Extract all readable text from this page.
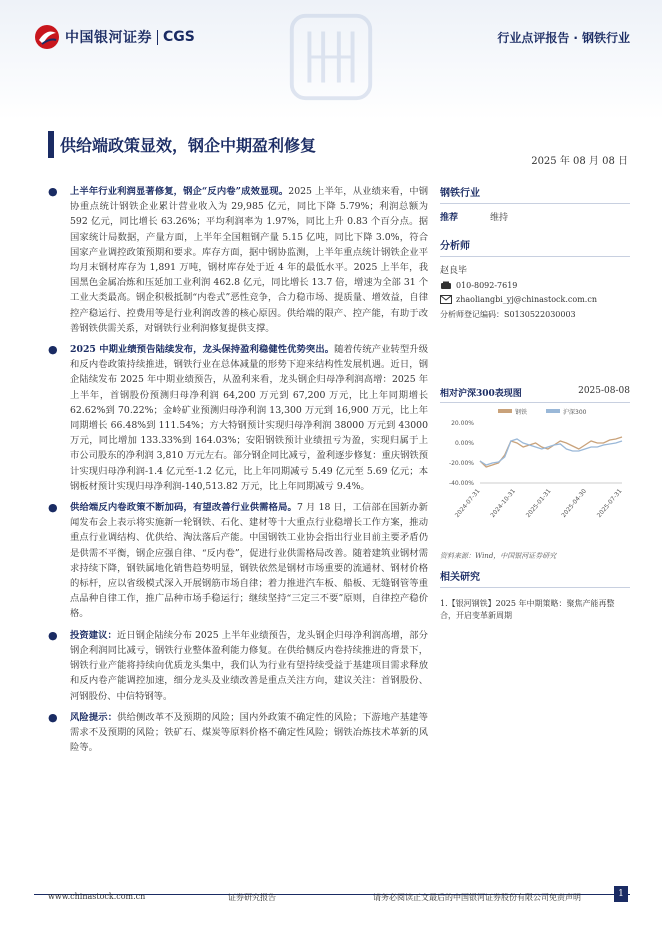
中国银河证券 CGS	行业点评报告 · 钢铁行业
供给端政策显效，钢企中期盈利修复
2025 年 08 月 08 日
● 上半年行业利润显著修复，钢企“反内卷”成效显现。2025 上半年，从业绩来看，中钢协重点统计钢铁企业累计营业收入为 29,985 亿元，同比下降 5.79%；利润总额为 592 亿元，同比增长 63.26%；平均利润率为 1.97%，同比上升 0.83 个百分点。据国家统计局数据，产量方面，上半年全国粗钢产量 5.15 亿吨，同比下降 3.0%，符合国家产业调控政策预期和要求。库存方面，据中钢协监测，上半年重点统计钢铁企业平均月末钢材库存为 1,891 万吨，钢材库存处于近 4 年的最低水平。2025 上半年，我国黑色金属冶炼和压延加工业利润 462.8 亿元，同比增长 13.7 倍，增速为全部 31 个工业大类最高。钢企积极抵制“内卷式”恶性竞争，合力稳市场、提质量、增效益，自律控产稳运行、控费用等是行业利润改善的核心原因。供给端的限产、控产能，有助于改善钢铁供需关系，对钢铁行业利润修复提供支撑。
● 2025 中期业绩预告陆续发布，龙头保持盈利稳健性优势突出。随着传统产业转型升级和反内卷政策持续推进，钢铁行业在总体减量的形势下迎来结构性发展机遇。近日，钢企陆续发布 2025 年中期业绩预告，从盈利来看，龙头钢企归母净利润高增：2025 年上半年，首钢股份预测归母净利润 64,200 万元到 67,200 万元，比上年同期增长 62.62%到 70.22%；金岭矿业预测归母净利润 13,300 万元到 16,900 万元，比上年同期增长 66.48%到 111.54%；方大特钢预计实现归母净利润 38000 万元到 43000 万元，同比增加 133.33%到 164.03%；安阳钢铁预计业绩扭亏为盈，实现归属于上市公司股东的净利润 3,810 万元左右。部分钢企同比减亏，盈利逐步修复：重庆钢铁预计实现归母净利润-1.4 亿元至-1.2 亿元，比上年同期减亏 5.49 亿元至 5.69 亿元；本钢板材预计实现归母净利润-140,513.82 万元，比上年同期减亏 9.4%。
● 供给端反内卷政策不断加码，有望改善行业供需格局。7 月 18 日，工信部在国新办新闻发布会上表示将实施新一轮钢铁、石化、建材等十大重点行业稳增长工作方案，推动重点行业调结构、优供给、淘汰落后产能。中国钢铁工业协会指出行业目前主要矛盾仍是供需不平衡，钢企应强自律、“反内卷”，促进行业供需格局改善。随着建筑业钢材需求持续下降，钢铁属地化销售趋势明显，钢铁依然是钢材市场重要的流通材、钢材价格的标杆，应以省级模式深入开展钢筋市场自律；着力推进汽车板、船板、无缝钢管等重点品种自律工作，推广品种市场手稳运行；继续坚持“三定三不要”原则，自律控产稳价格。
● 投资建议：近日钢企陆续分布 2025 上半年业绩预告，龙头钢企归母净利润高增，部分钢企利润同比减亏，钢铁行业整体盈利能力修复。在供给侧反内卷持续推进的背景下，钢铁行业产能将持续向优质龙头集中，我们认为行业有望持续受益于基建项目需求释放和反内卷产能调控加速，细分龙头及业绩改善是重点关注方向，建议关注：首钢股份、河钢股份、中信特钢等。
● 风险提示：供给侧改革不及预期的风险；国内外政策不确定性的风险；下游地产基建等需求不及预期的风险；铁矿石、煤炭等原料价格不确定性风险；钢铁冶炼技术革新的风险等。
钢铁行业
推荐	维持
分析师
赵良毕
010-8092-7619
zhaoliangbi_yj@chinastock.com.cn
分析师登记编码：S0130522030003
相对沪深300表现图	2025-08-08
钢铁	沪深300
20.00%
0.00%
-20.00%
-40.00%
2024-07-31 2024-10-31 2025-01-31 2025-04-30 2025-07-31
资料来源：Wind，中国银河证券研究
相关研究
1.【银河钢铁】2025 年中期策略：聚焦产能再整合，开启变革新周期
www.chinastock.com.cn	证券研究报告	请务必阅读正文最后的中国银河证券股份有限公司免责声明	1
